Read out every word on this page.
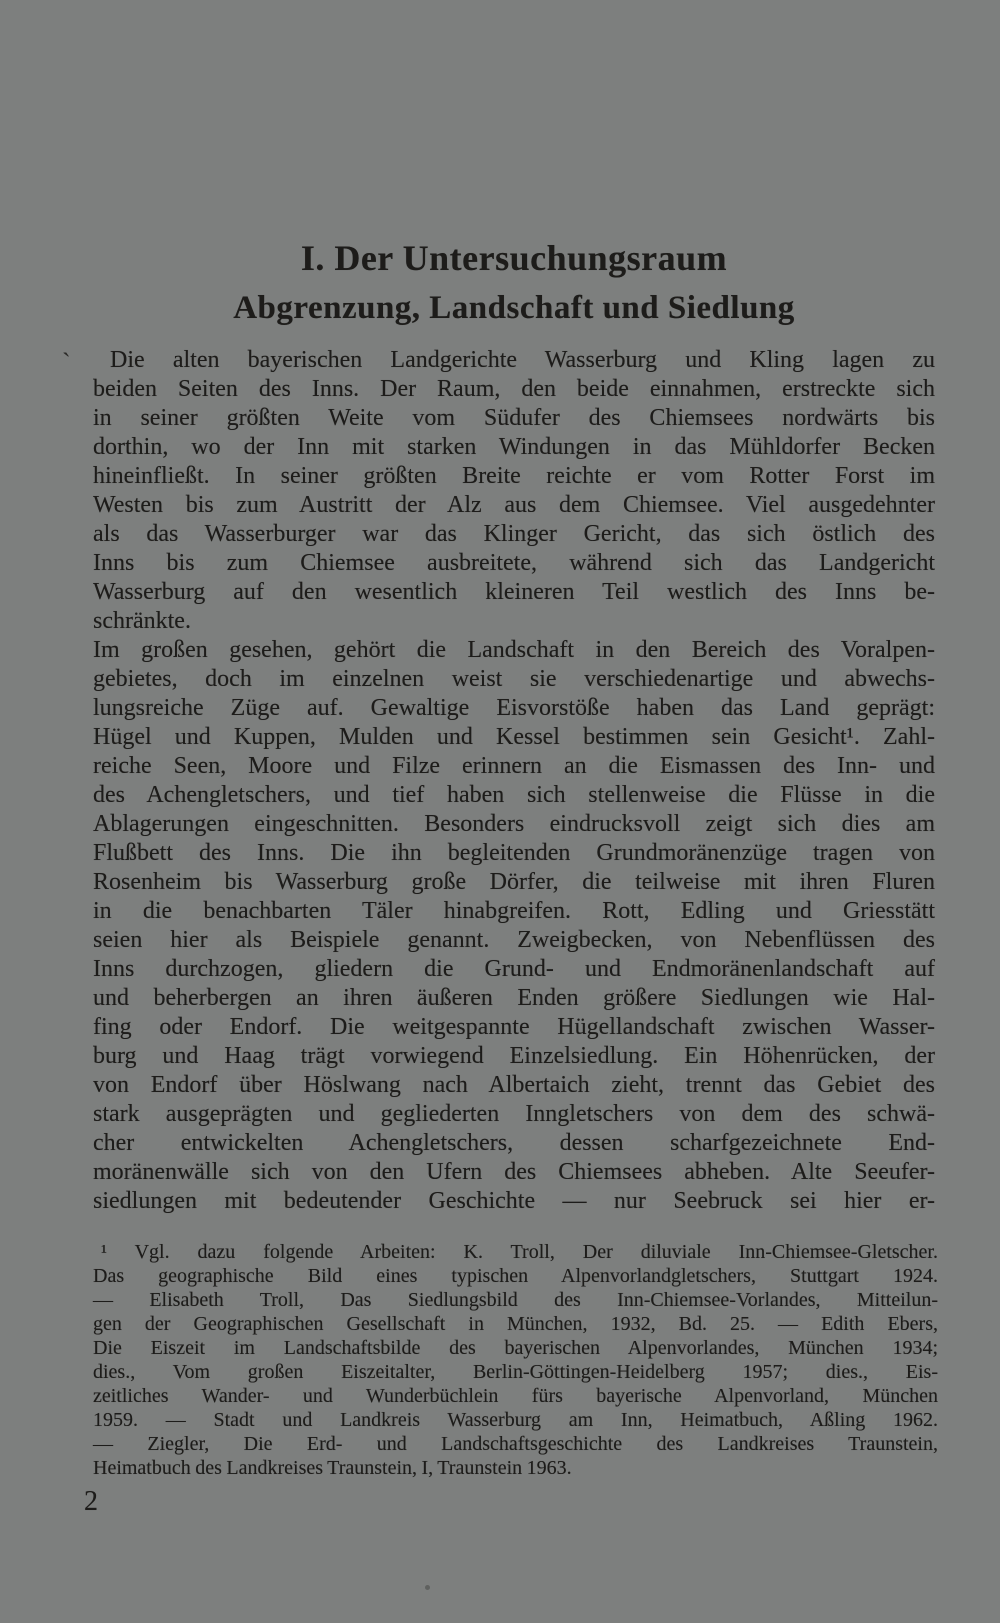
I. Der Untersuchungsraum
Abgrenzung, Landschaft und Siedlung
`	Die alten bayerischen Landgerichte Wasserburg und Kling lagen zu
beiden Seiten des Inns. Der Raum, den beide einnahmen, erstreckte sich
in seiner größten Weite vom Südufer des Chiemsees nordwärts bis
dorthin, wo der Inn mit starken Windungen in das Mühldorfer Becken
hineinfließt. In seiner größten Breite reichte er vom Rotter Forst im
Westen bis zum Austritt der Alz aus dem Chiemsee. Viel ausgedehnter
als das Wasserburger war das Klinger Gericht, das sich östlich des
Inns bis zum Chiemsee ausbreitete, während sich das Landgericht
Wasserburg auf den wesentlich kleineren Teil westlich des Inns be-
schränkte.
Im großen gesehen, gehört die Landschaft in den Bereich des Voralpen-
gebietes, doch im einzelnen weist sie verschiedenartige und abwechs-
lungsreiche Züge auf. Gewaltige Eisvorstöße haben das Land geprägt:
Hügel und Kuppen, Mulden und Kessel bestimmen sein Gesicht¹. Zahl-
reiche Seen, Moore und Filze erinnern an die Eismassen des Inn- und
des Achengletschers, und tief haben sich stellenweise die Flüsse in die
Ablagerungen eingeschnitten. Besonders eindrucksvoll zeigt sich dies am
Flußbett des Inns. Die ihn begleitenden Grundmoränenzüge tragen von
Rosenheim bis Wasserburg große Dörfer, die teilweise mit ihren Fluren
in die benachbarten Täler hinabgreifen. Rott, Edling und Griesstätt
seien hier als Beispiele genannt. Zweigbecken, von Nebenflüssen des
Inns durchzogen, gliedern die Grund- und Endmoränenlandschaft auf
und beherbergen an ihren äußeren Enden größere Siedlungen wie Hal-
fing oder Endorf. Die weitgespannte Hügellandschaft zwischen Wasser-
burg und Haag trägt vorwiegend Einzelsiedlung. Ein Höhenrücken, der
von Endorf über Höslwang nach Albertaich zieht, trennt das Gebiet des
stark ausgeprägten und gegliederten Inngletschers von dem des schwä-
cher entwickelten Achengletschers, dessen scharfgezeichnete End-
moränenwälle sich von den Ufern des Chiemsees abheben. Alte Seeufer-
siedlungen mit bedeutender Geschichte — nur Seebruck sei hier er-
¹ Vgl. dazu folgende Arbeiten: K. Troll, Der diluviale Inn-Chiemsee-Gletscher.
Das geographische Bild eines typischen Alpenvorlandgletschers, Stuttgart 1924.
— Elisabeth Troll, Das Siedlungsbild des Inn-Chiemsee-Vorlandes, Mitteilun-
gen der Geographischen Gesellschaft in München, 1932, Bd. 25. — Edith Ebers,
Die Eiszeit im Landschaftsbilde des bayerischen Alpenvorlandes, München 1934;
dies., Vom großen Eiszeitalter, Berlin-Göttingen-Heidelberg 1957; dies., Eis-
zeitliches Wander- und Wunderbüchlein fürs bayerische Alpenvorland, München
1959. — Stadt und Landkreis Wasserburg am Inn, Heimatbuch, Aßling 1962.
— Ziegler, Die Erd- und Landschaftsgeschichte des Landkreises Traunstein,
Heimatbuch des Landkreises Traunstein, I, Traunstein 1963.
2
